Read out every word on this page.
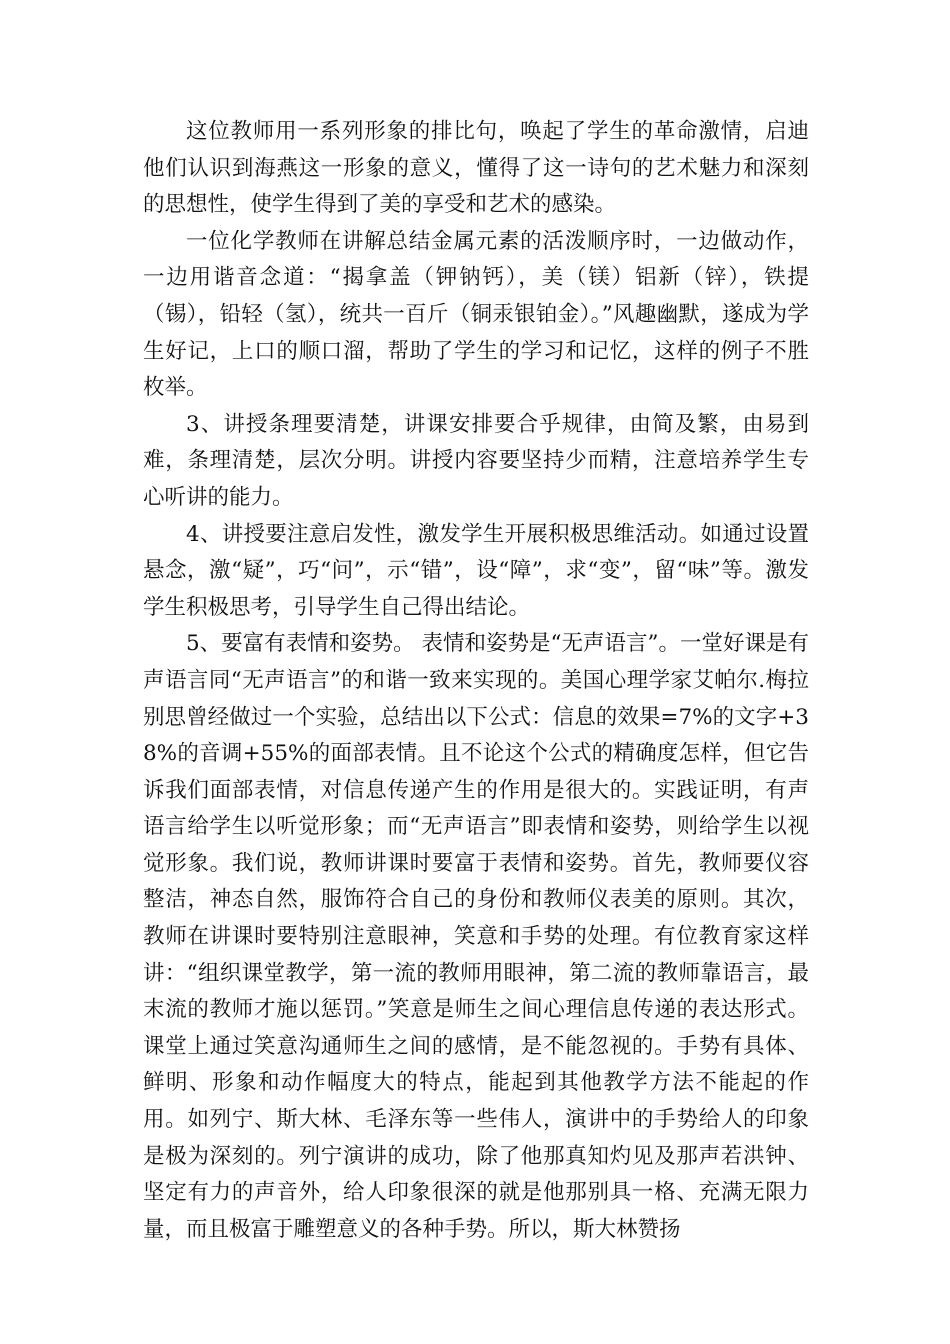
这位教师用一系列形象的排比句，唤起了学生的革命激情，启迪他们认识到海燕这一形象的意义，懂得了这一诗句的艺术魅力和深刻的思想性，使学生得到了美的享受和艺术的感染。

一位化学教师在讲解总结金属元素的活泼顺序时，一边做动作，一边用谐音念道：“揭拿盖（钾钠钙），美（镁）铝新（锌），铁提（锡），铅轻（氢），统共一百斤（铜汞银铂金）。”风趣幽默，遂成为学生好记，上口的顺口溜，帮助了学生的学习和记忆，这样的例子不胜枚举。

3、讲授条理要清楚，讲课安排要合乎规律，由简及繁，由易到难，条理清楚，层次分明。讲授内容要坚持少而精，注意培养学生专心听讲的能力。

4、讲授要注意启发性，激发学生开展积极思维活动。如通过设置悬念，激“疑”，巧“问”，示“错”，设“障”，求“变”，留“味”等。激发学生积极思考，引导学生自己得出结论。

5、要富有表情和姿势。 表情和姿势是“无声语言”。一堂好课是有声语言同“无声语言”的和谐一致来实现的。美国心理学家艾帕尔.梅拉别思曾经做过一个实验，总结出以下公式：信息的效果=7%的文字+38%的音调+55%的面部表情。且不论这个公式的精确度怎样，但它告诉我们面部表情，对信息传递产生的作用是很大的。实践证明，有声语言给学生以听觉形象；而“无声语言”即表情和姿势，则给学生以视觉形象。我们说，教师讲课时要富于表情和姿势。首先，教师要仪容整洁，神态自然，服饰符合自己的身份和教师仪表美的原则。其次，教师在讲课时要特别注意眼神，笑意和手势的处理。有位教育家这样讲：“组织课堂教学，第一流的教师用眼神，第二流的教师靠语言，最末流的教师才施以惩罚。”笑意是师生之间心理信息传递的表达形式。课堂上通过笑意沟通师生之间的感情，是不能忽视的。手势有具体、鲜明、形象和动作幅度大的特点，能起到其他教学方法不能起的作用。如列宁、斯大林、毛泽东等一些伟人，演讲中的手势给人的印象是极为深刻的。列宁演讲的成功，除了他那真知灼见及那声若洪钟、坚定有力的声音外，给人印象很深的就是他那别具一格、充满无限力量，而且极富于雕塑意义的各种手势。所以，斯大林赞扬
